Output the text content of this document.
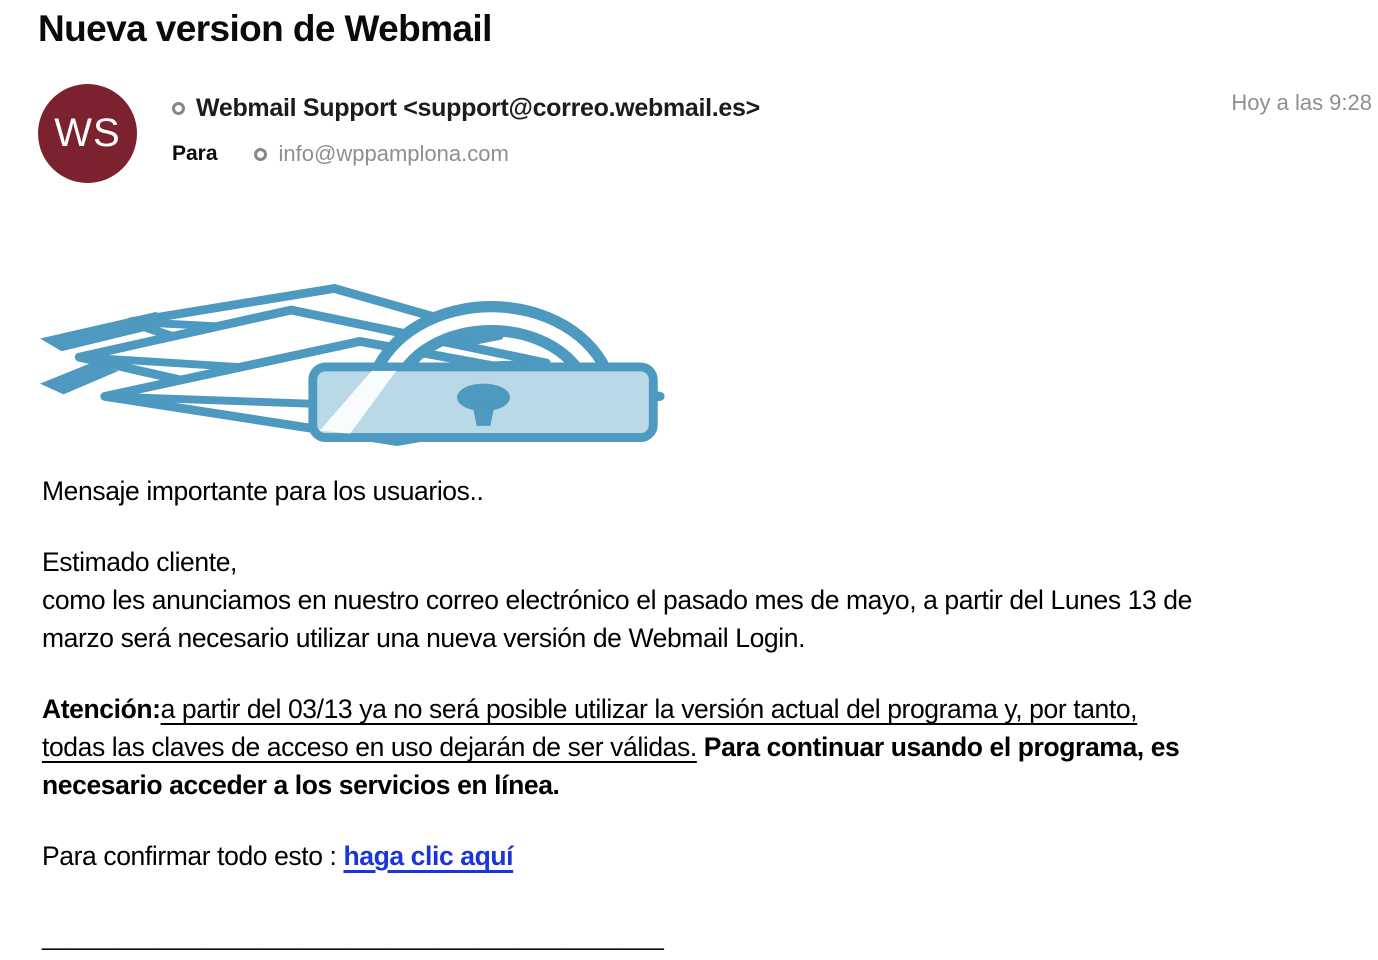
Nueva version de Webmail
WS
Webmail Support <support@correo.webmail.es>
Para	info@wppamplona.com
Hoy a las 9:28
Mensaje importante para los usuarios..
Estimado cliente,
como les anunciamos en nuestro correo electrónico el pasado mes de mayo, a partir del Lunes 13 de
marzo será necesario utilizar una nueva versión de Webmail Login.
Atención:a partir del 03/13 ya no será posible utilizar la versión actual del programa y, por tanto,
todas las claves de acceso en uso dejarán de ser válidas. Para continuar usando el programa, es
necesario acceder a los servicios en línea.
Para confirmar todo esto : haga clic aquí
___________________________________________
